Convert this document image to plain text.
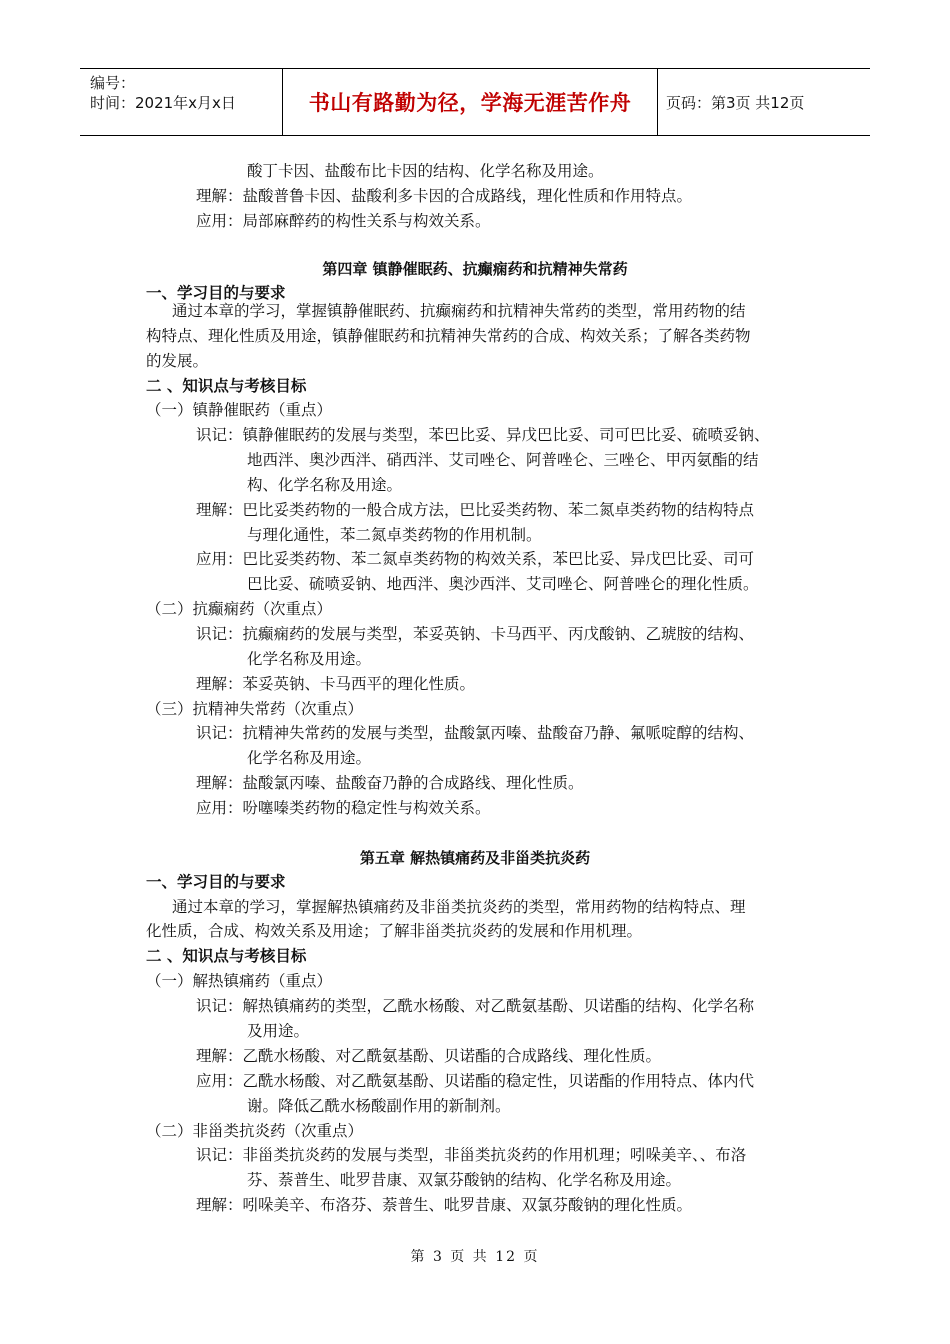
编号：
时间：2021年x月x日	书山有路勤为径，学海无涯苦作舟	页码：第3页 共12页
酸丁卡因、盐酸布比卡因的结构、化学名称及用途。
理解：盐酸普鲁卡因、盐酸利多卡因的合成路线，理化性质和作用特点。
应用：局部麻醉药的构性关系与构效关系。
第四章 镇静催眠药、抗癫痫药和抗精神失常药
一、学习目的与要求
通过本章的学习，掌握镇静催眠药、抗癫痫药和抗精神失常药的类型，常用药物的结
构特点、理化性质及用途，镇静催眠药和抗精神失常药的合成、构效关系；了解各类药物
的发展。
二 、知识点与考核目标
（一）镇静催眠药（重点）
识记：镇静催眠药的发展与类型，苯巴比妥、异戊巴比妥、司可巴比妥、硫喷妥钠、
地西泮、奥沙西泮、硝西泮、艾司唑仑、阿普唑仑、三唑仑、甲丙氨酯的结
构、化学名称及用途。
理解：巴比妥类药物的一般合成方法，巴比妥类药物、苯二氮卓类药物的结构特点
与理化通性，苯二氮卓类药物的作用机制。
应用：巴比妥类药物、苯二氮卓类药物的构效关系，苯巴比妥、异戊巴比妥、司可
巴比妥、硫喷妥钠、地西泮、奥沙西泮、艾司唑仑、阿普唑仑的理化性质。
（二）抗癫痫药（次重点）
识记：抗癫痫药的发展与类型，苯妥英钠、卡马西平、丙戊酸钠、乙琥胺的结构、
化学名称及用途。
理解：苯妥英钠、卡马西平的理化性质。
（三）抗精神失常药（次重点）
识记：抗精神失常药的发展与类型，盐酸氯丙嗪、盐酸奋乃静、氟哌啶醇的结构、
化学名称及用途。
理解：盐酸氯丙嗪、盐酸奋乃静的合成路线、理化性质。
应用：吩噻嗪类药物的稳定性与构效关系。
第五章 解热镇痛药及非甾类抗炎药
一、学习目的与要求
通过本章的学习，掌握解热镇痛药及非甾类抗炎药的类型，常用药物的结构特点、理
化性质，合成、构效关系及用途；了解非甾类抗炎药的发展和作用机理。
二 、知识点与考核目标
（一）解热镇痛药（重点）
识记：解热镇痛药的类型，乙酰水杨酸、对乙酰氨基酚、贝诺酯的结构、化学名称
及用途。
理解：乙酰水杨酸、对乙酰氨基酚、贝诺酯的合成路线、理化性质。
应用：乙酰水杨酸、对乙酰氨基酚、贝诺酯的稳定性，贝诺酯的作用特点、体内代
谢。降低乙酰水杨酸副作用的新制剂。
（二）非甾类抗炎药（次重点）
识记：非甾类抗炎药的发展与类型，非甾类抗炎药的作用机理；吲哚美辛、、布洛
芬、萘普生、吡罗昔康、双氯芬酸钠的结构、化学名称及用途。
理解：吲哚美辛、布洛芬、萘普生、吡罗昔康、双氯芬酸钠的理化性质。
第 3 页 共 12 页
